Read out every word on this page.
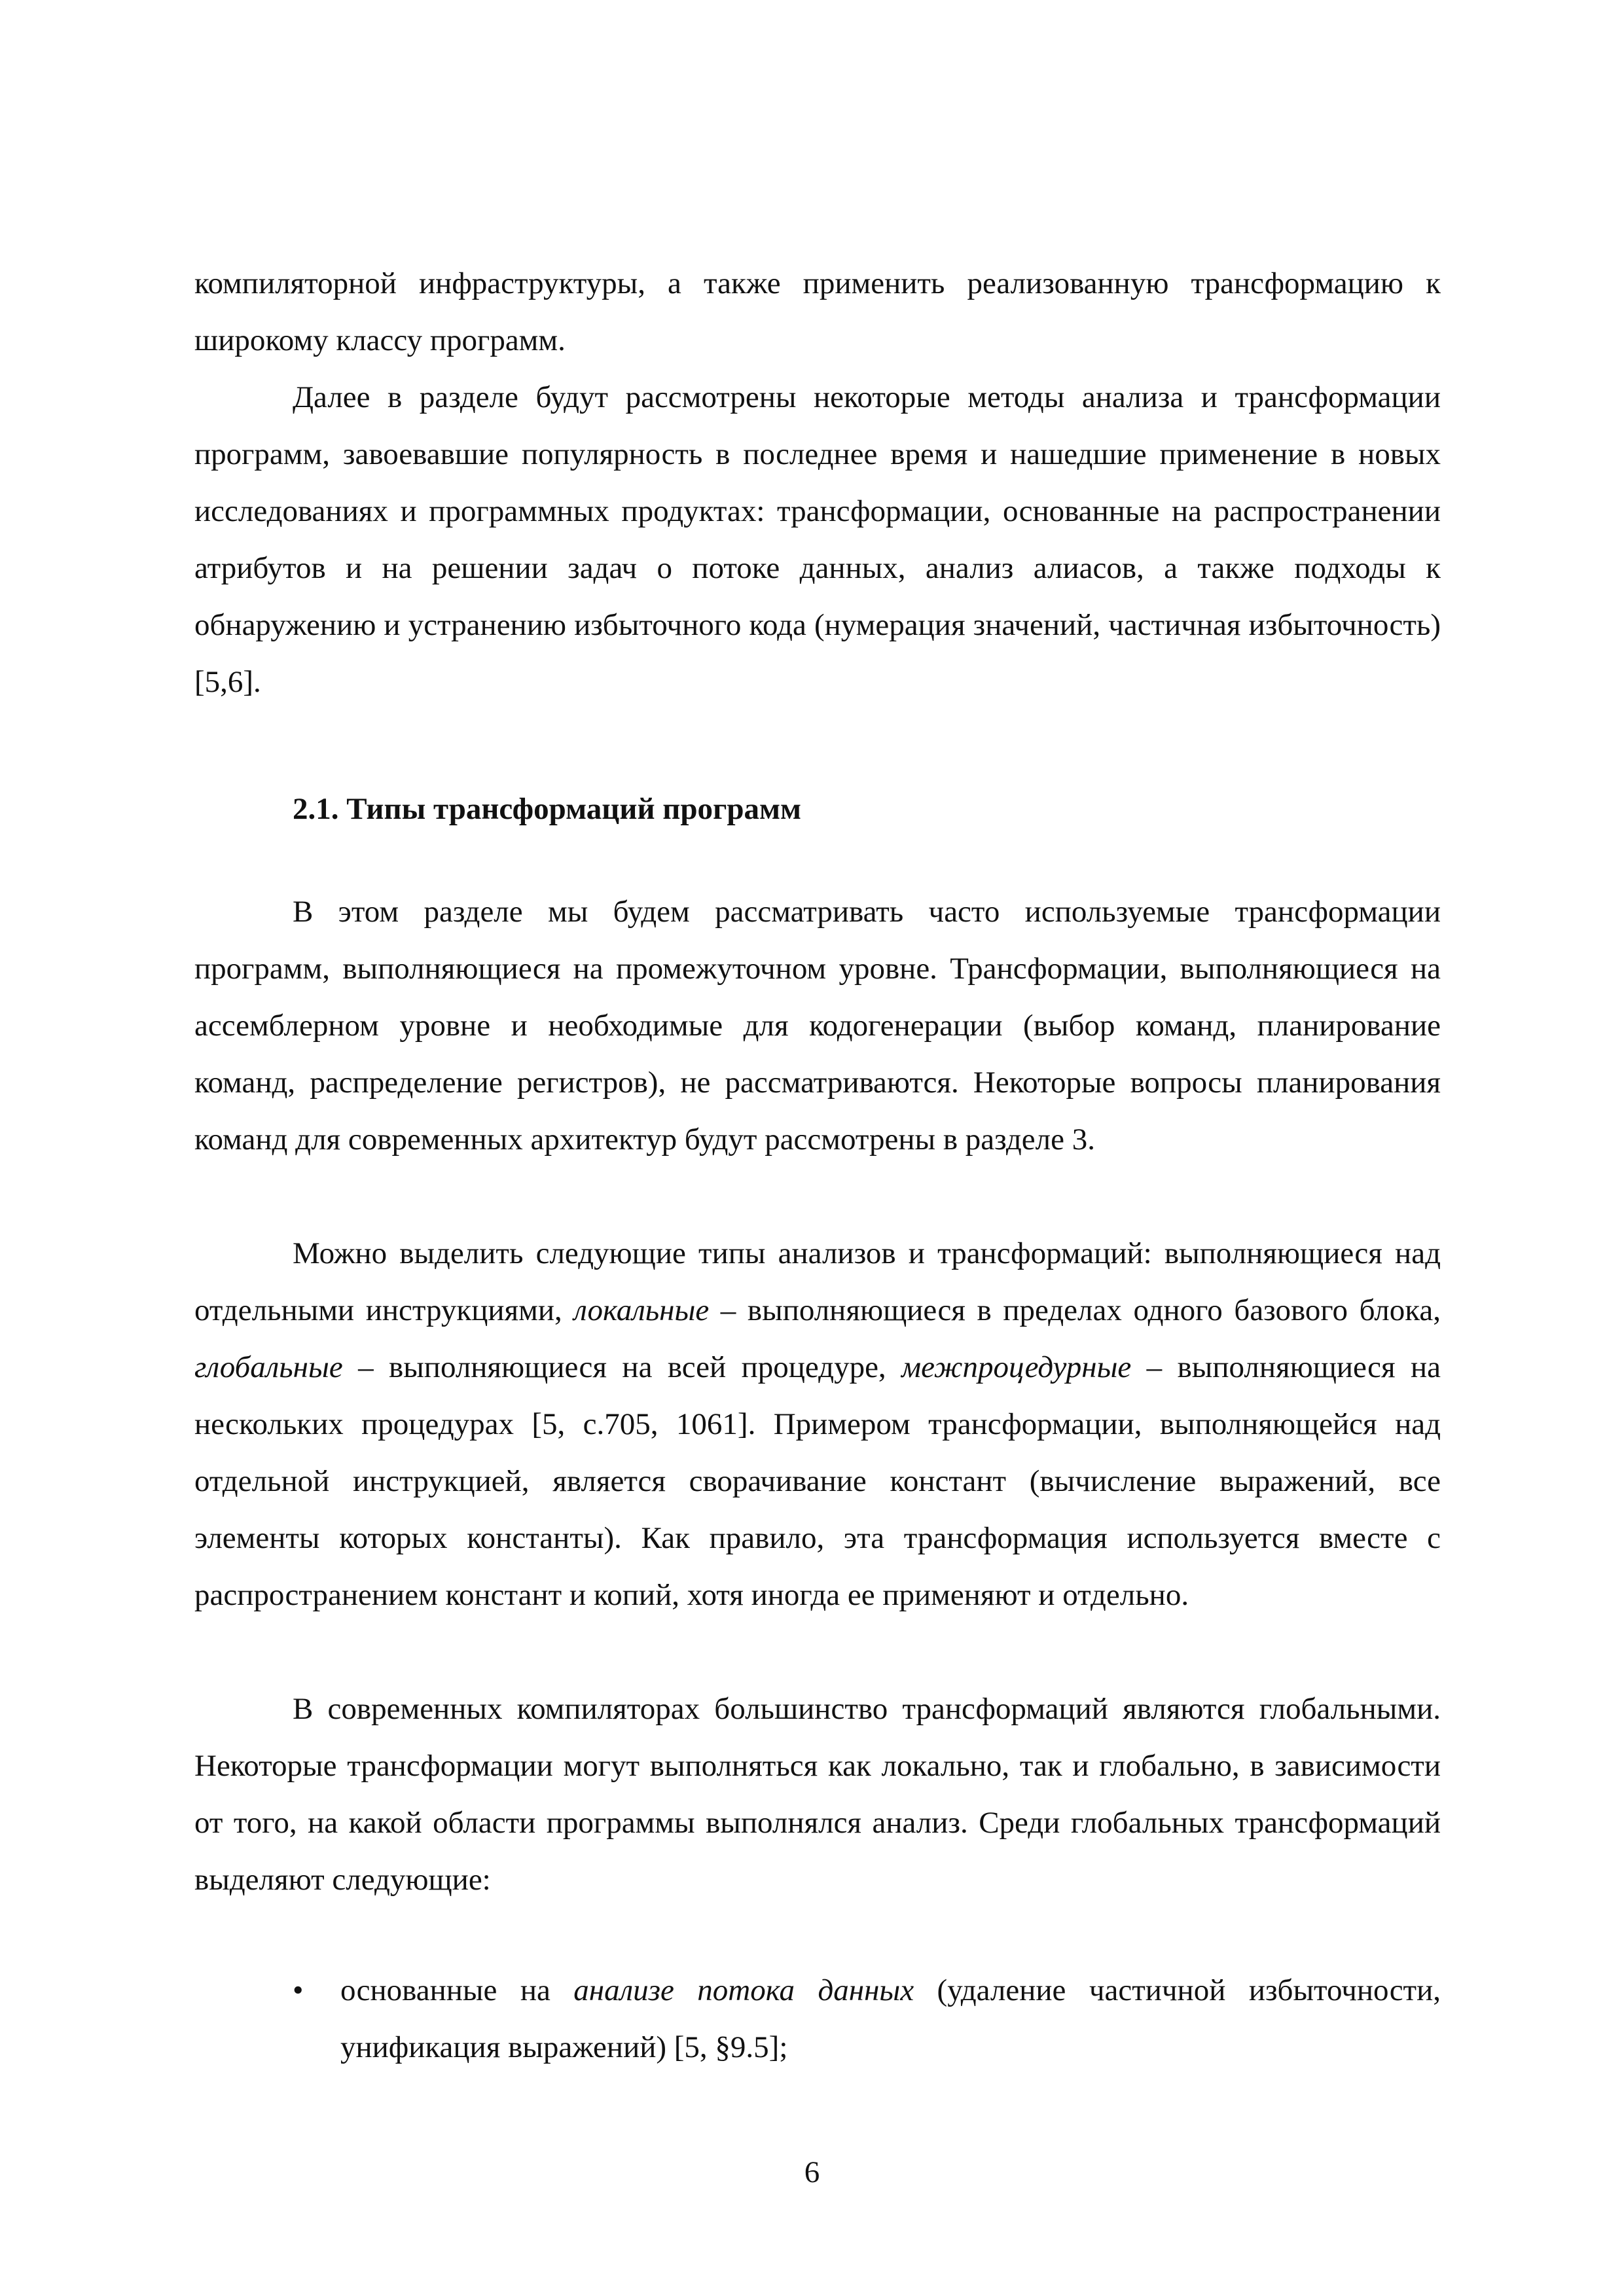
компиляторной инфраструктуры, а также применить реализованную трансформацию к широкому классу программ.

Далее в разделе будут рассмотрены некоторые методы анализа и трансформации программ, завоевавшие популярность в последнее время и нашедшие применение в новых исследованиях и программных продуктах: трансформации, основанные на распространении атрибутов и на решении задач о потоке данных, анализ алиасов, а также подходы к обнаружению и устранению избыточного кода (нумерация значений, частичная избыточность) [5,6].

2.1. Типы трансформаций программ

В этом разделе мы будем рассматривать часто используемые трансформации программ, выполняющиеся на промежуточном уровне. Трансформации, выполняющиеся на ассемблерном уровне и необходимые для кодогенерации (выбор команд, планирование команд, распределение регистров), не рассматриваются. Некоторые вопросы планирования команд для современных архитектур будут рассмотрены в разделе 3.

Можно выделить следующие типы анализов и трансформаций: выполняющиеся над отдельными инструкциями, локальные – выполняющиеся в пределах одного базового блока, глобальные – выполняющиеся на всей процедуре, межпроцедурные – выполняющиеся на нескольких процедурах [5, с.705, 1061]. Примером трансформации, выполняющейся над отдельной инструкцией, является сворачивание констант (вычисление выражений, все элементы которых константы). Как правило, эта трансформация используется вместе с распространением констант и копий, хотя иногда ее применяют и отдельно.

В современных компиляторах большинство трансформаций являются глобальными. Некоторые трансформации могут выполняться как локально, так и глобально, в зависимости от того, на какой области программы выполнялся анализ. Среди глобальных трансформаций выделяют следующие:

•	основанные на анализе потока данных (удаление частичной избыточности, унификация выражений) [5, §9.5];

6
